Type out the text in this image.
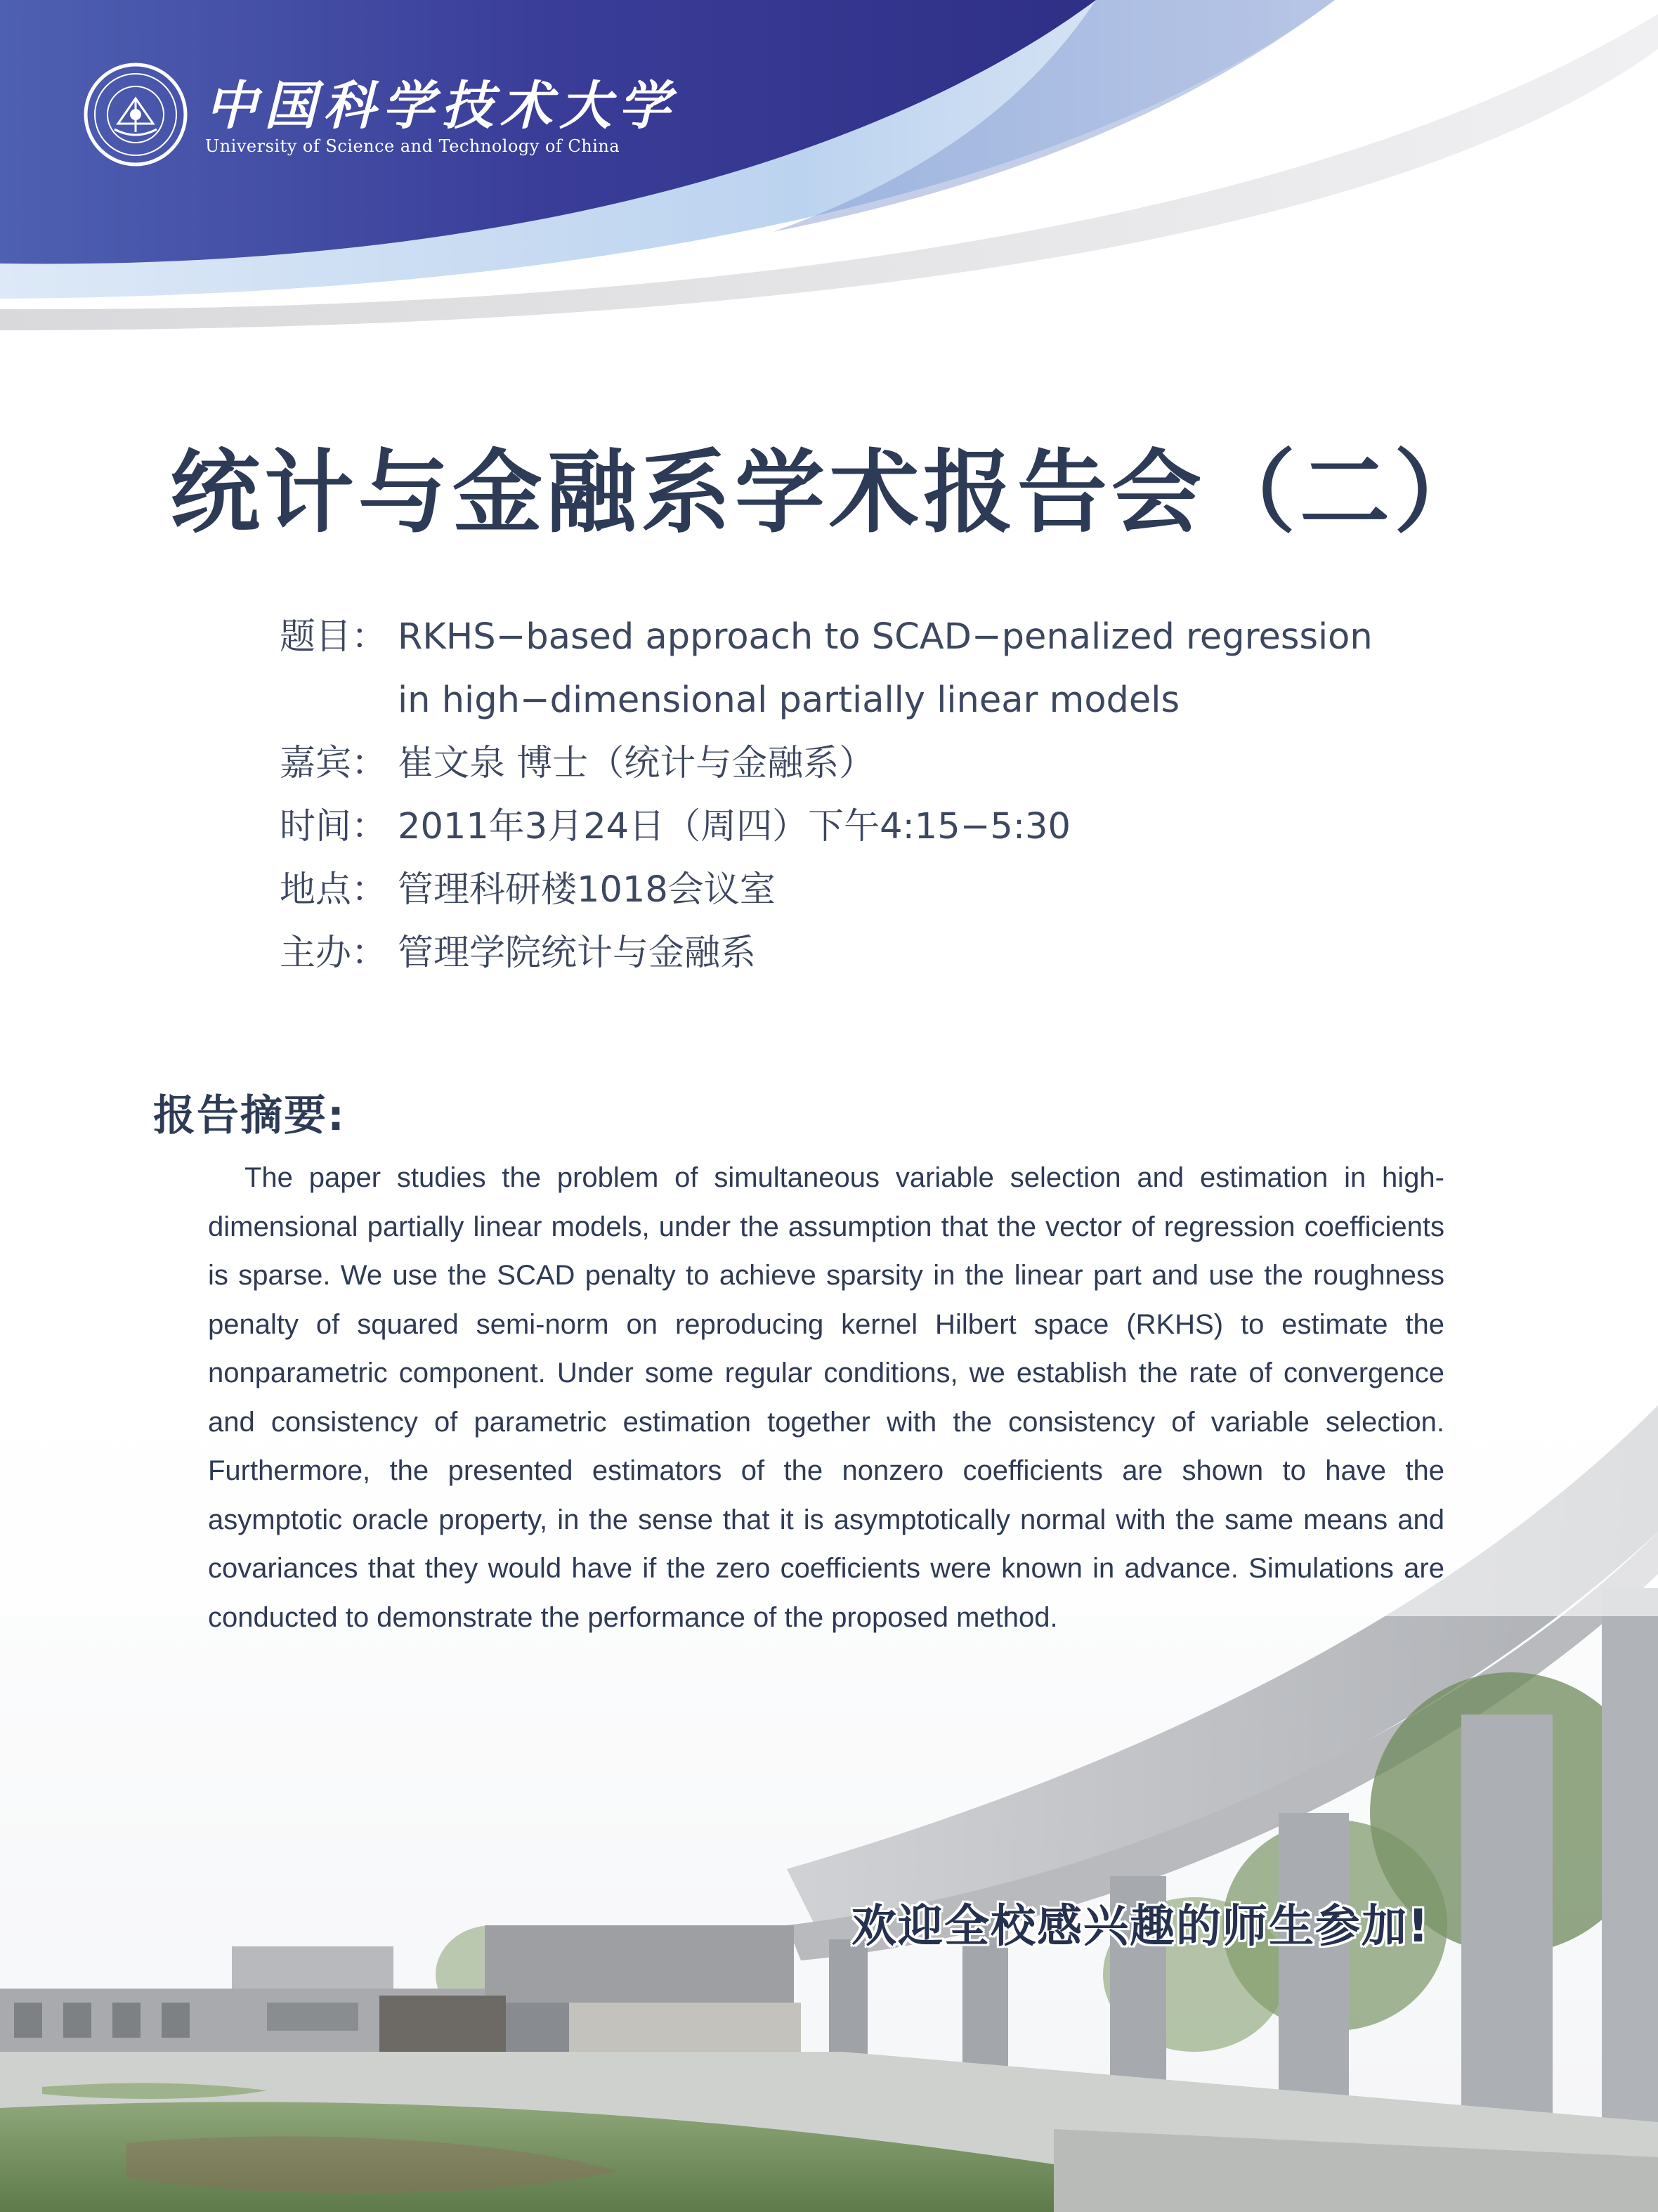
中国科学技术大学
University of Science and Technology of China
统计与金融系学术报告会（二）
题目： RKHS−based approach to SCAD−penalized regression
in high−dimensional partially linear models
嘉宾： 崔文泉 博士（统计与金融系）
时间： 2011年3月24日（周四）下午4:15−5:30
地点： 管理科研楼1018会议室
主办： 管理学院统计与金融系
报告摘要:
The paper studies the problem of simultaneous variable selection and estimation in high-dimensional partially linear models, under the assumption that the vector of regression coefficients is sparse. We use the SCAD penalty to achieve sparsity in the linear part and use the roughness penalty of squared semi-norm on reproducing kernel Hilbert space (RKHS) to estimate the nonparametric component. Under some regular conditions, we establish the rate of convergence and consistency of parametric estimation together with the consistency of variable selection. Furthermore, the presented estimators of the nonzero coefficients are shown to have the asymptotic oracle property, in the sense that it is asymptotically normal with the same means and covariances that they would have if the zero coefficients were known in advance. Simulations are conducted to demonstrate the performance of the proposed method.
欢迎全校感兴趣的师生参加!
